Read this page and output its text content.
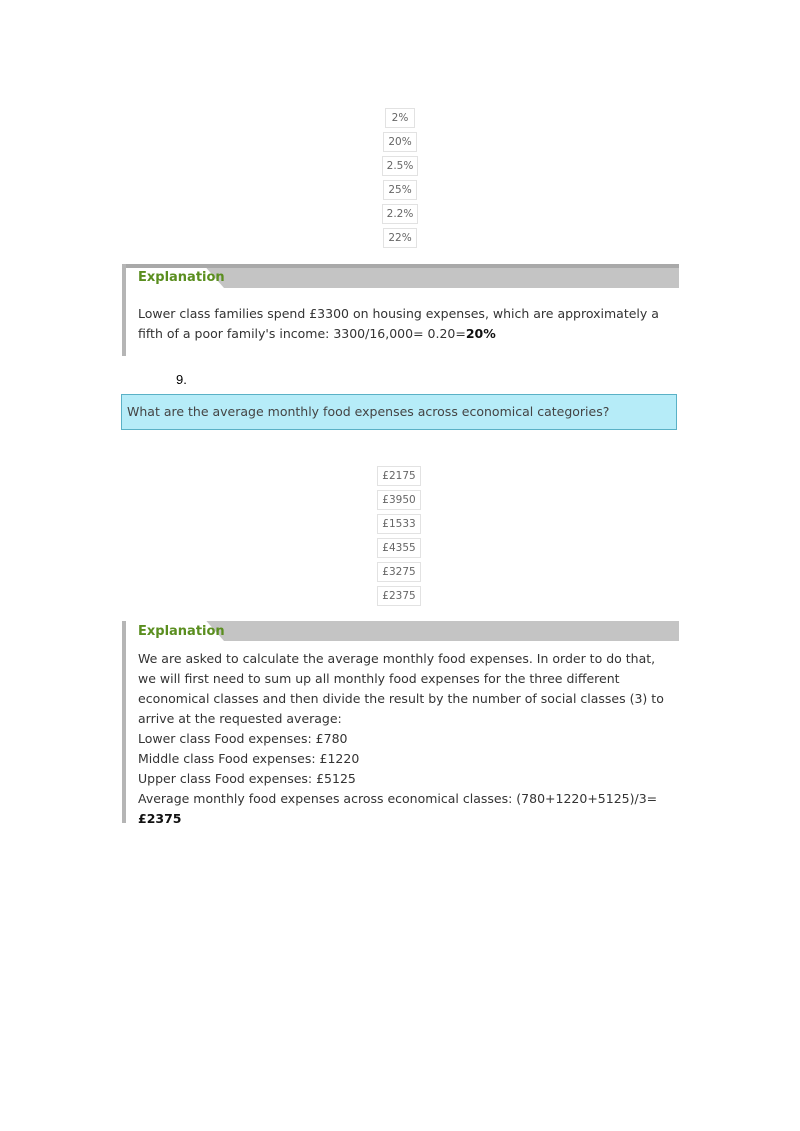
2%
20%
2.5%
25%
2.2%
22%
Explanation
Lower class families spend £3300 on housing expenses, which are approximately a fifth of a poor family's income: 3300/16,000= 0.20=20%
9.
What are the average monthly food expenses across economical categories?
£2175
£3950
£1533
£4355
£3275
£2375
Explanation
We are asked to calculate the average monthly food expenses. In order to do that, we will first need to sum up all monthly food expenses for the three different economical classes and then divide the result by the number of social classes (3) to arrive at the requested average:
Lower class Food expenses: £780
Middle class Food expenses: £1220
Upper class Food expenses: £5125
Average monthly food expenses across economical classes: (780+1220+5125)/3=
£2375
